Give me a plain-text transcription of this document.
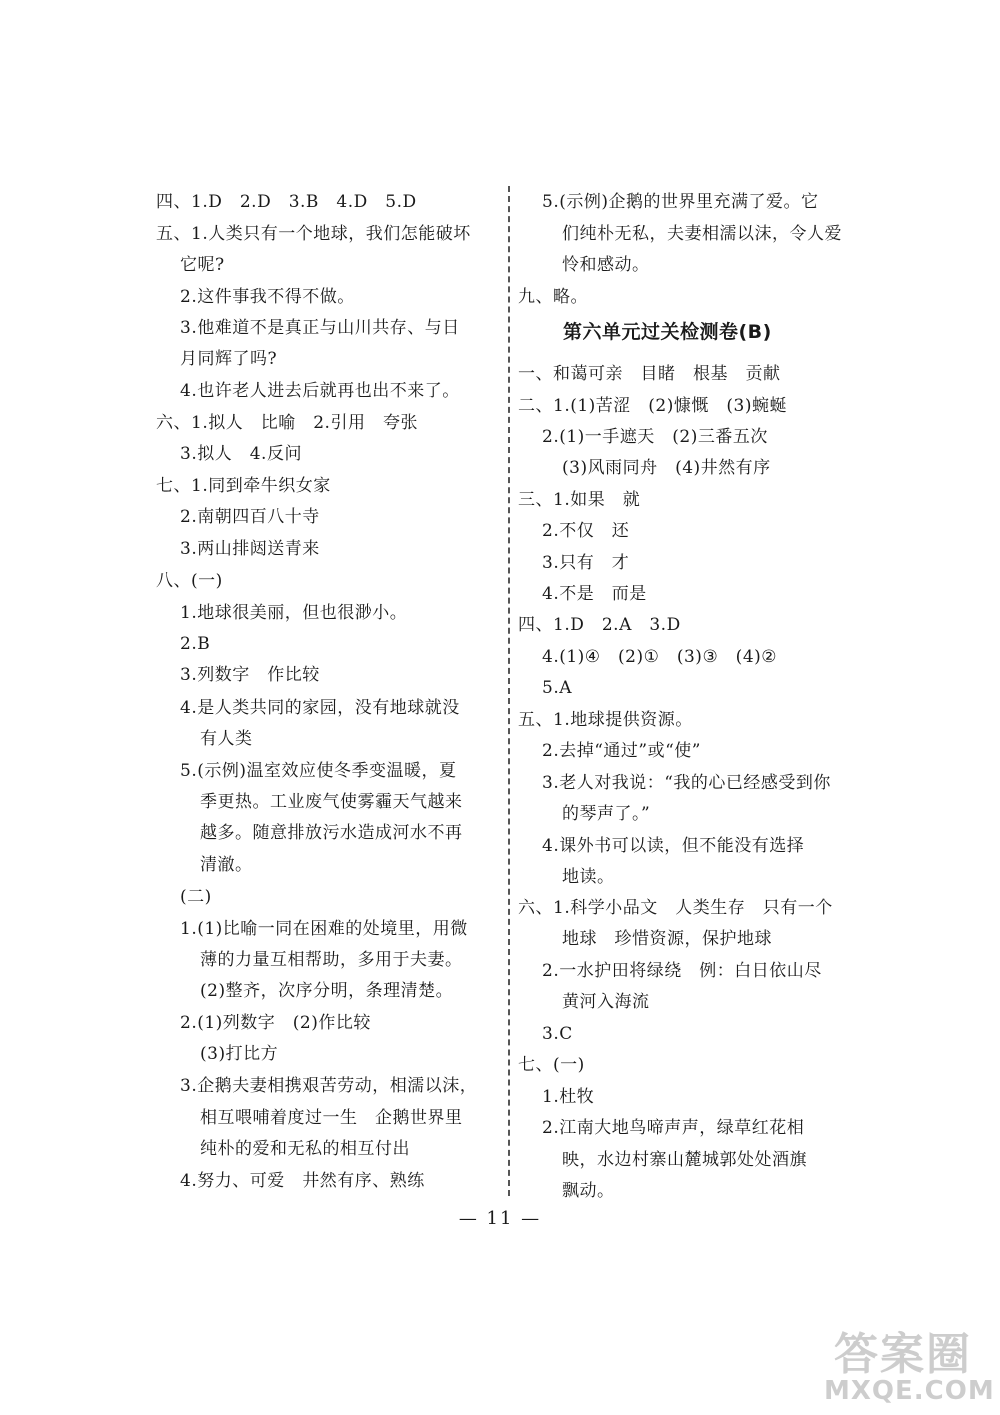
四、1.D　2.D　3.B　4.D　5.D
五、1.人类只有一个地球，我们怎能破坏
它呢?
2.这件事我不得不做。
3.他难道不是真正与山川共存、与日
月同辉了吗?
4.也许老人进去后就再也出不来了。
六、1.拟人　比喻　2.引用　夸张
3.拟人　4.反问
七、1.同到牵牛织女家
2.南朝四百八十寺
3.两山排闼送青来
八、(一)
1.地球很美丽，但也很渺小。
2.B
3.列数字　作比较
4.是人类共同的家园，没有地球就没
有人类
5.(示例)温室效应使冬季变温暖，夏
季更热。工业废气使雾霾天气越来
越多。随意排放污水造成河水不再
清澈。
(二)
1.(1)比喻一同在困难的处境里，用微
薄的力量互相帮助，多用于夫妻。
(2)整齐，次序分明，条理清楚。
2.(1)列数字　(2)作比较
(3)打比方
3.企鹅夫妻相携艰苦劳动，相濡以沫，
相互喂哺着度过一生　企鹅世界里
纯朴的爱和无私的相互付出
4.努力、可爱　井然有序、熟练
5.(示例)企鹅的世界里充满了爱。它
们纯朴无私，夫妻相濡以沫，令人爱
怜和感动。
九、略。
第六单元过关检测卷(B)
一、和蔼可亲　目睹　根基　贡献
二、1.(1)苦涩　(2)慷慨　(3)蜿蜒
2.(1)一手遮天　(2)三番五次
(3)风雨同舟　(4)井然有序
三、1.如果　就
2.不仅　还
3.只有　才
4.不是　而是
四、1.D　2.A　3.D
4.(1)④　(2)①　(3)③　(4)②
5.A
五、1.地球提供资源。
2.去掉“通过”或“使”
3.老人对我说：“我的心已经感受到你
的琴声了。”
4.课外书可以读，但不能没有选择
地读。
六、1.科学小品文　人类生存　只有一个
地球　珍惜资源，保护地球
2.一水护田将绿绕　例：白日依山尽
黄河入海流
3.C
七、(一)
1.杜牧
2.江南大地鸟啼声声，绿草红花相
映，水边村寨山麓城郭处处酒旗
飘动。
— 11 —
答案圈
MXQE.COM
